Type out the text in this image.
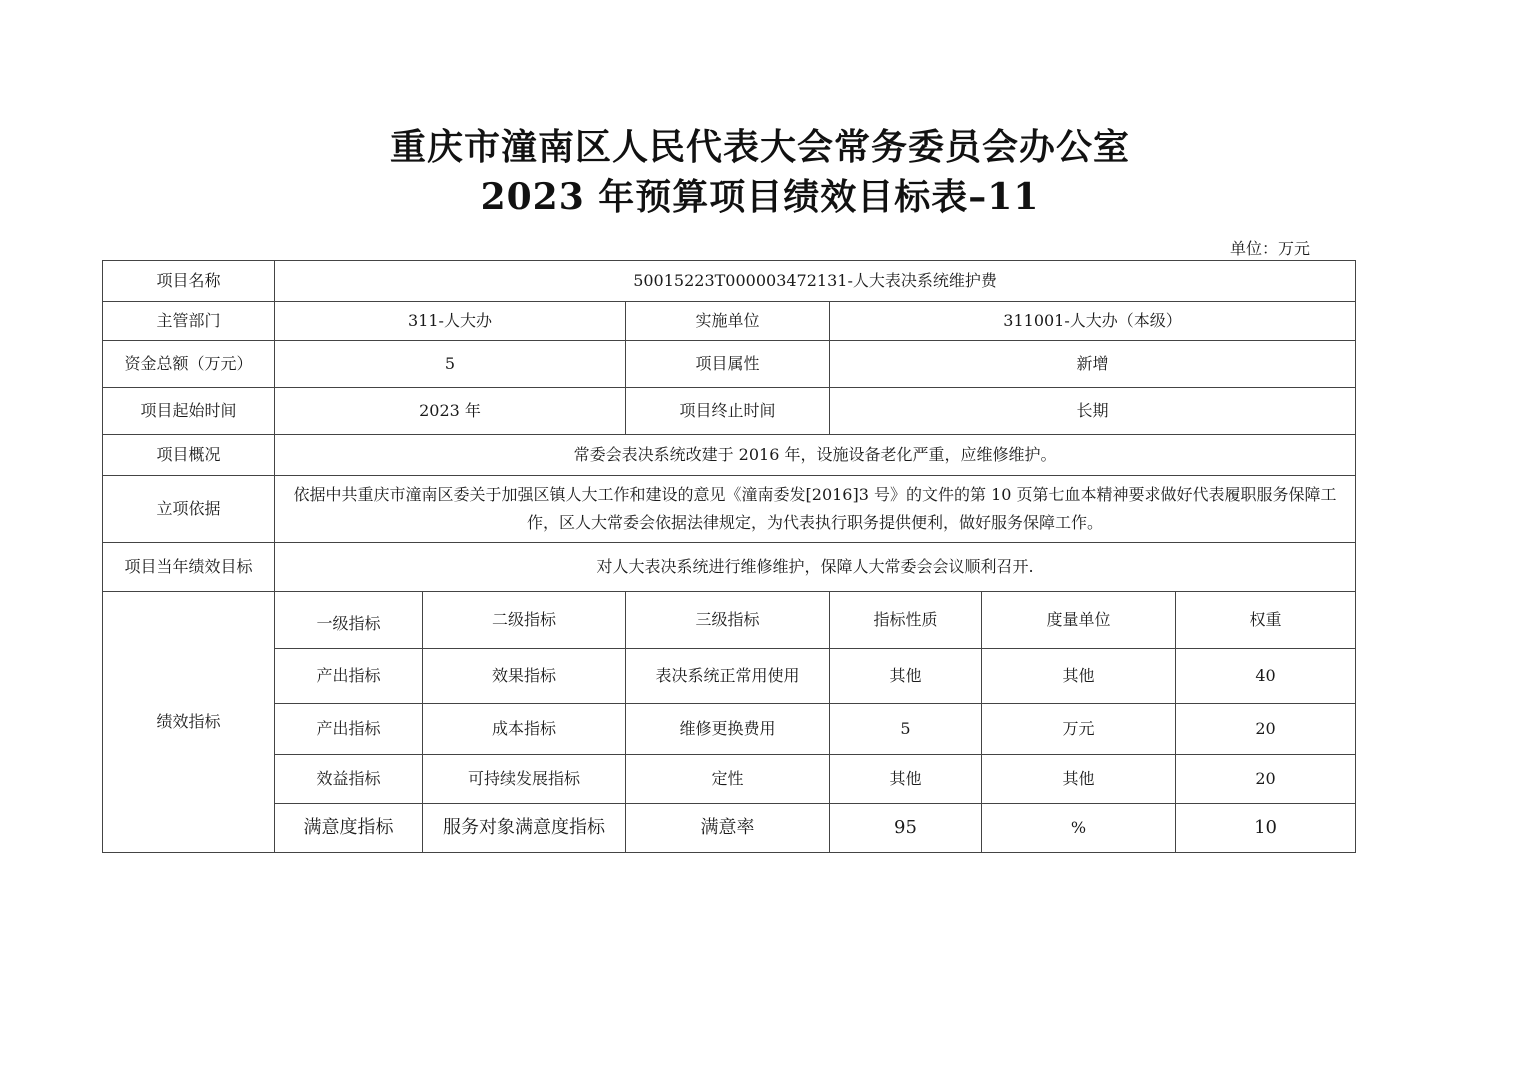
重庆市潼南区人民代表大会常务委员会办公室
2023 年预算项目绩效目标表–11
单位：万元
项目名称	50015223T000003472131-人大表决系统维护费					
主管部门	311-人大办		实施单位	311001-人大办（本级）		
资金总额（万元）	5		项目属性	新增		
项目起始时间	2023 年		项目终止时间	长期		
项目概况	常委会表决系统改建于 2016 年，设施设备老化严重，应维修维护。					
立项依据	依据中共重庆市潼南区委关于加强区镇人大工作和建设的意见《潼南委发[2016]3 号》的文件的第 10 页第七血本精神要求做好代表履职服务保障工作，区人大常委会依据法律规定，为代表执行职务提供便利，做好服务保障工作。					
项目当年绩效目标	对人大表决系统进行维修维护，保障人大常委会会议顺利召开.					
绩效指标	一级指标	二级指标	三级指标	指标性质	度量单位	权重
	产出指标	效果指标	表决系统正常用使用	其他	其他	40
	产出指标	成本指标	维修更换费用	5	万元	20
	效益指标	可持续发展指标	定性	其他	其他	20
	满意度指标	服务对象满意度指标	满意率	95	%	10
